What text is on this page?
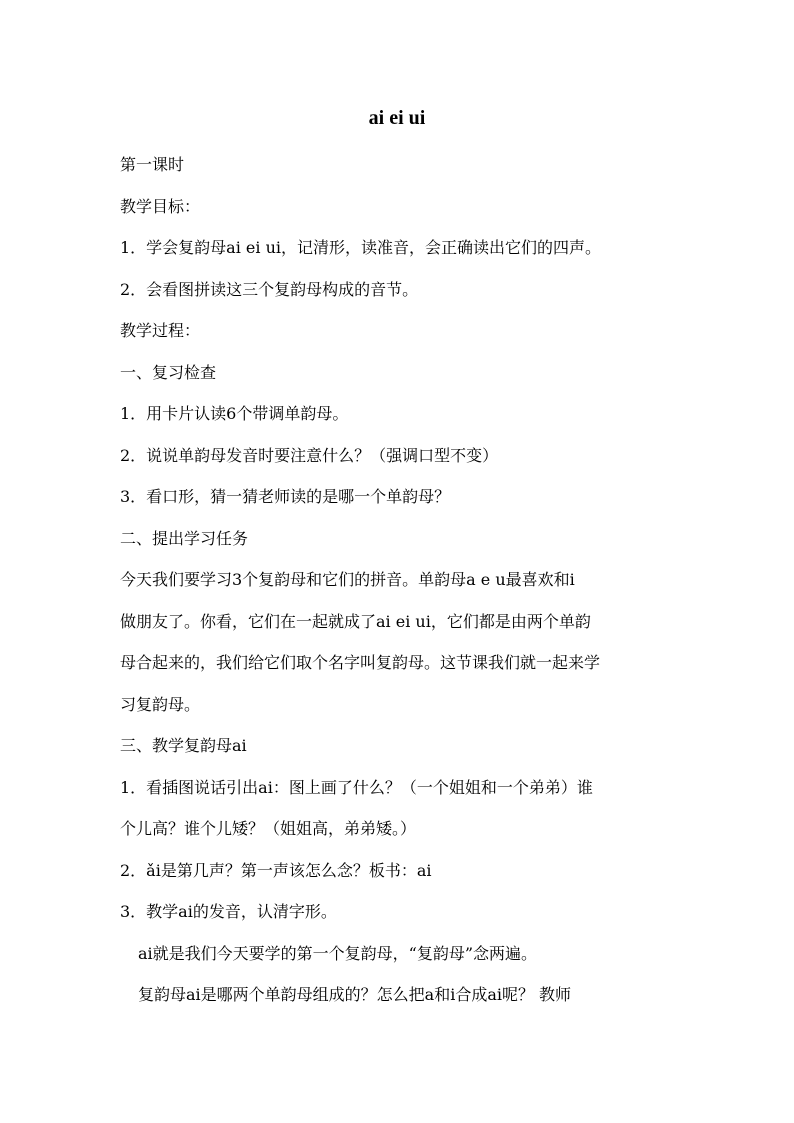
ai ei ui

第一课时

教学目标：

1．学会复韵母ai ei ui，记清形，读准音，会正确读出它们的四声。

2．会看图拼读这三个复韵母构成的音节。

教学过程：

一、复习检查

1．用卡片认读6个带调单韵母。

2．说说单韵母发音时要注意什么？（强调口型不变）

3．看口形，猜一猜老师读的是哪一个单韵母？

二、提出学习任务

今天我们要学习3个复韵母和它们的拼音。单韵母a e u最喜欢和i

做朋友了。你看，它们在一起就成了ai ei ui，它们都是由两个单韵

母合起来的，我们给它们取个名字叫复韵母。这节课我们就一起来学

习复韵母。

三、教学复韵母ai

1．看插图说话引出ai：图上画了什么？（一个姐姐和一个弟弟）谁

个儿高？谁个儿矮？（姐姐高，弟弟矮。）

2．ǎi是第几声？第一声该怎么念？板书：ai

3．教学ai的发音，认清字形。

ai就是我们今天要学的第一个复韵母，“复韵母”念两遍。

复韵母ai是哪两个单韵母组成的？怎么把a和i合成ai呢？ 教师
